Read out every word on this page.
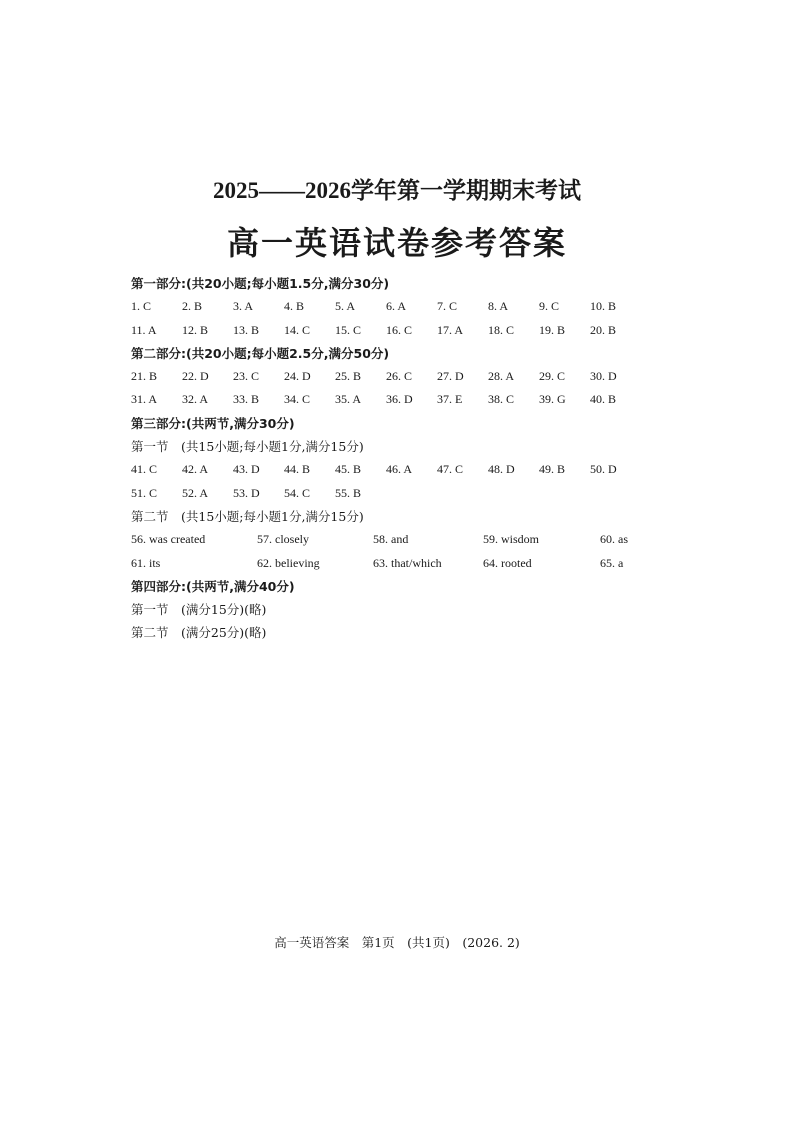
2025——2026学年第一学期期末考试
高一英语试卷参考答案
第一部分:(共20小题;每小题1.5分,满分30分)
1. C	2. B	3. A	4. B	5. A	6. A	7. C	8. A	9. C	10. B
11. A 12. B 13. B 14. C 15. C 16. C 17. A 18. C 19. B 20. B
第二部分:(共20小题;每小题2.5分,满分50分)
21. B 22. D 23. C 24. D 25. B 26. C 27. D 28. A 29. C 30. D
31. A 32. A 33. B 34. C 35. A 36. D 37. E 38. C 39. G 40. B
第三部分:(共两节,满分30分)
第一节　(共15小题;每小题1分,满分15分)
41. C 42. A 43. D 44. B 45. B 46. A 47. C 48. D 49. B 50. D
51. C 52. A 53. D 54. C 55. B
第二节　(共15小题;每小题1分,满分15分)
56. was created	57. closely	58. and	59. wisdom	60. as
61. its	62. believing	63. that/which	64. rooted	65. a
第四部分:(共两节,满分40分)
第一节　(满分15分)(略)
第二节　(满分25分)(略)
高一英语答案　第1页　(共1页)　(2026. 2)
